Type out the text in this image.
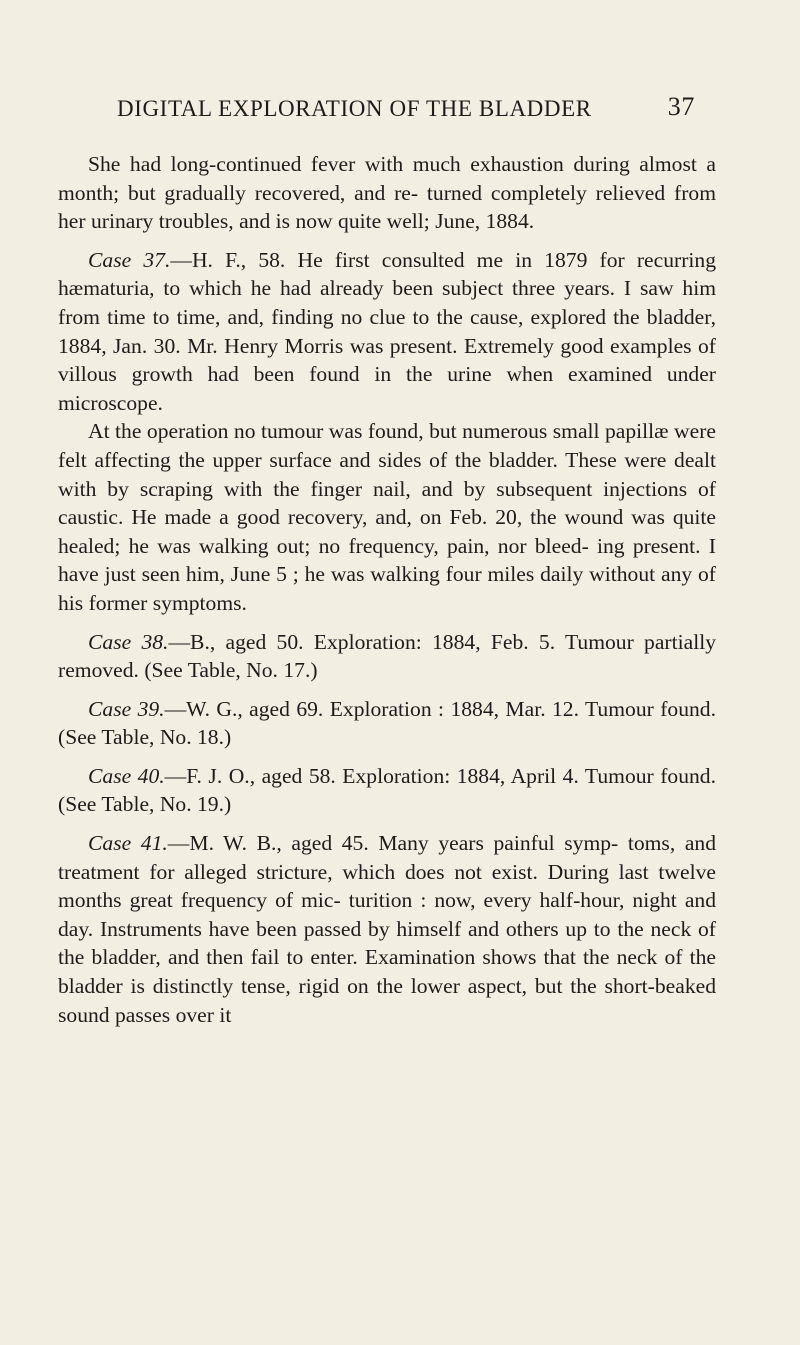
DIGITAL EXPLORATION OF THE BLADDER	37

She had long-continued fever with much exhaustion during almost a month; but gradually recovered, and re- turned completely relieved from her urinary troubles, and is now quite well; June, 1884.

Case 37.—H. F., 58. He first consulted me in 1879 for recurring hæmaturia, to which he had already been subject three years. I saw him from time to time, and, finding no clue to the cause, explored the bladder, 1884, Jan. 30. Mr. Henry Morris was present. Extremely good examples of villous growth had been found in the urine when examined under microscope.

At the operation no tumour was found, but numerous small papillæ were felt affecting the upper surface and sides of the bladder. These were dealt with by scraping with the finger nail, and by subsequent injections of caustic. He made a good recovery, and, on Feb. 20, the wound was quite healed; he was walking out; no frequency, pain, nor bleed- ing present. I have just seen him, June 5 ; he was walking four miles daily without any of his former symptoms.

Case 38.—B., aged 50. Exploration: 1884, Feb. 5. Tumour partially removed. (See Table, No. 17.)

Case 39.—W. G., aged 69. Exploration : 1884, Mar. 12. Tumour found. (See Table, No. 18.)

Case 40.—F. J. O., aged 58. Exploration: 1884, April 4. Tumour found. (See Table, No. 19.)

Case 41.—M. W. B., aged 45. Many years painful symp- toms, and treatment for alleged stricture, which does not exist. During last twelve months great frequency of mic- turition : now, every half-hour, night and day. Instruments have been passed by himself and others up to the neck of the bladder, and then fail to enter. Examination shows that the neck of the bladder is distinctly tense, rigid on the lower aspect, but the short-beaked sound passes over it
